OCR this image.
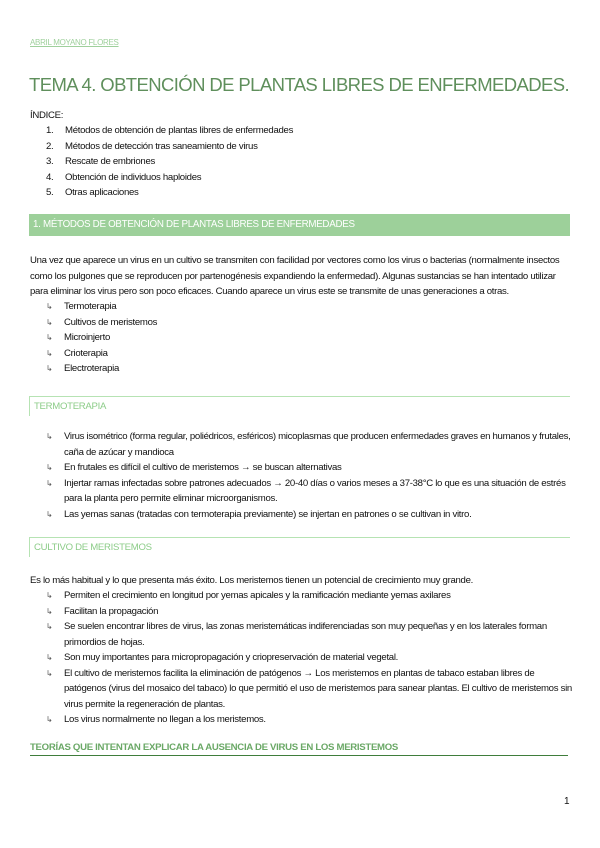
ABRIL MOYANO FLORES
TEMA 4. OBTENCIÓN DE PLANTAS LIBRES DE ENFERMEDADES.
ÍNDICE:
1. Métodos de obtención de plantas libres de enfermedades
2. Métodos de detección tras saneamiento de virus
3. Rescate de embriones
4. Obtención de individuos haploides
5. Otras aplicaciones
1. MÉTODOS DE OBTENCIÓN DE PLANTAS LIBRES DE ENFERMEDADES
Una vez que aparece un virus en un cultivo se transmiten con facilidad por vectores como los virus o bacterias (normalmente insectos como los pulgones que se reproducen por partenogénesis expandiendo la enfermedad). Algunas sustancias se han intentado utilizar para eliminar los virus pero son poco eficaces. Cuando aparece un virus este se transmite de unas generaciones a otras.
↳ Termoterapia
↳ Cultivos de meristemos
↳ Microinjerto
↳ Crioterapia
↳ Electroterapia
TERMOTERAPIA
↳ Virus isométrico (forma regular, poliédricos, esféricos) micoplasmas que producen enfermedades graves en humanos y frutales, caña de azúcar y mandioca
↳ En frutales es difícil el cultivo de meristemos → se buscan alternativas
↳ Injertar ramas infectadas sobre patrones adecuados → 20-40 días o varios meses a 37-38°C lo que es una situación de estrés para la planta pero permite eliminar microorganismos.
↳ Las yemas sanas (tratadas con termoterapia previamente) se injertan en patrones o se cultivan in vitro.
CULTIVO DE MERISTEMOS
Es lo más habitual y lo que presenta más éxito. Los meristemos tienen un potencial de crecimiento muy grande.
↳ Permiten el crecimiento en longitud por yemas apicales y la ramificación mediante yemas axilares
↳ Facilitan la propagación
↳ Se suelen encontrar libres de virus, las zonas meristemáticas indiferenciadas son muy pequeñas y en los laterales forman primordios de hojas.
↳ Son muy importantes para micropropagación y criopreservación de material vegetal.
↳ El cultivo de meristemos facilita la eliminación de patógenos → Los meristemos en plantas de tabaco estaban libres de patógenos (virus del mosaico del tabaco) lo que permitió el uso de meristemos para sanear plantas. El cultivo de meristemos sin virus permite la regeneración de plantas.
↳ Los virus normalmente no llegan a los meristemos.
TEORÍAS QUE INTENTAN EXPLICAR LA AUSENCIA DE VIRUS EN LOS MERISTEMOS
1
